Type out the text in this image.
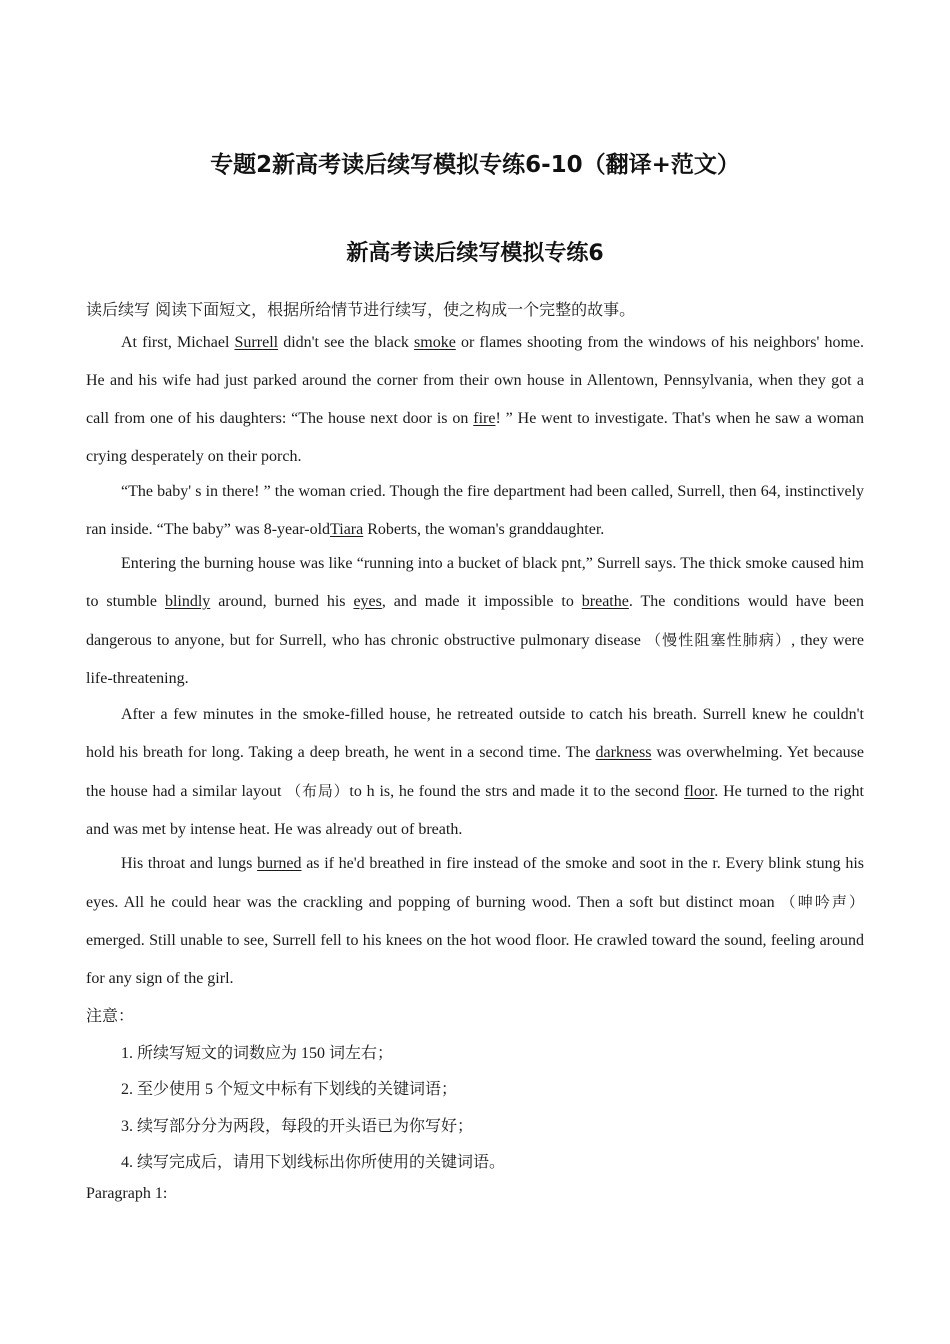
专题2新高考读后续写模拟专练6-10（翻译+范文）
新高考读后续写模拟专练6
读后续写 阅读下面短文，根据所给情节进行续写，使之构成一个完整的故事。

At first, Michael Surrell didn't see the black smoke or flames shooting from the windows of his neighbors' home. He and his wife had just parked around the corner from their own house in Allentown, Pennsylvania, when they got a call from one of his daughters: “The house next door is on fire! ” He went to investigate. That's when he saw a woman crying desperately on their porch.

“The baby' s in there! ” the woman cried. Though the fire department had been called, Surrell, then 64, instinctively ran inside. “The baby” was 8-year-oldTiara Roberts, the woman's granddaughter.

Entering the burning house was like “running into a bucket of black pnt,” Surrell says. The thick smoke caused him to stumble blindly around, burned his eyes, and made it impossible to breathe. The conditions would have been dangerous to anyone, but for Surrell, who has chronic obstructive pulmonary disease （慢性阻塞性肺病）, they were life-threatening.

After a few minutes in the smoke-filled house, he retreated outside to catch his breath. Surrell knew he couldn't hold his breath for long. Taking a deep breath, he went in a second time. The darkness was overwhelming. Yet because the house had a similar layout （布局）to h is, he found the strs and made it to the second floor. He turned to the right and was met by intense heat. He was already out of breath.

His throat and lungs burned as if he'd breathed in fire instead of the smoke and soot in the r. Every blink stung his eyes. All he could hear was the crackling and popping of burning wood. Then a soft but distinct moan （呻吟声） emerged. Still unable to see, Surrell fell to his knees on the hot wood floor. He crawled toward the sound, feeling around for any sign of the girl.

注意：
1. 所续写短文的词数应为 150 词左右；
2. 至少使用 5 个短文中标有下划线的关键词语；
3. 续写部分分为两段，每段的开头语已为你写好；
4. 续写完成后，请用下划线标出你所使用的关键词语。
Paragraph 1:
